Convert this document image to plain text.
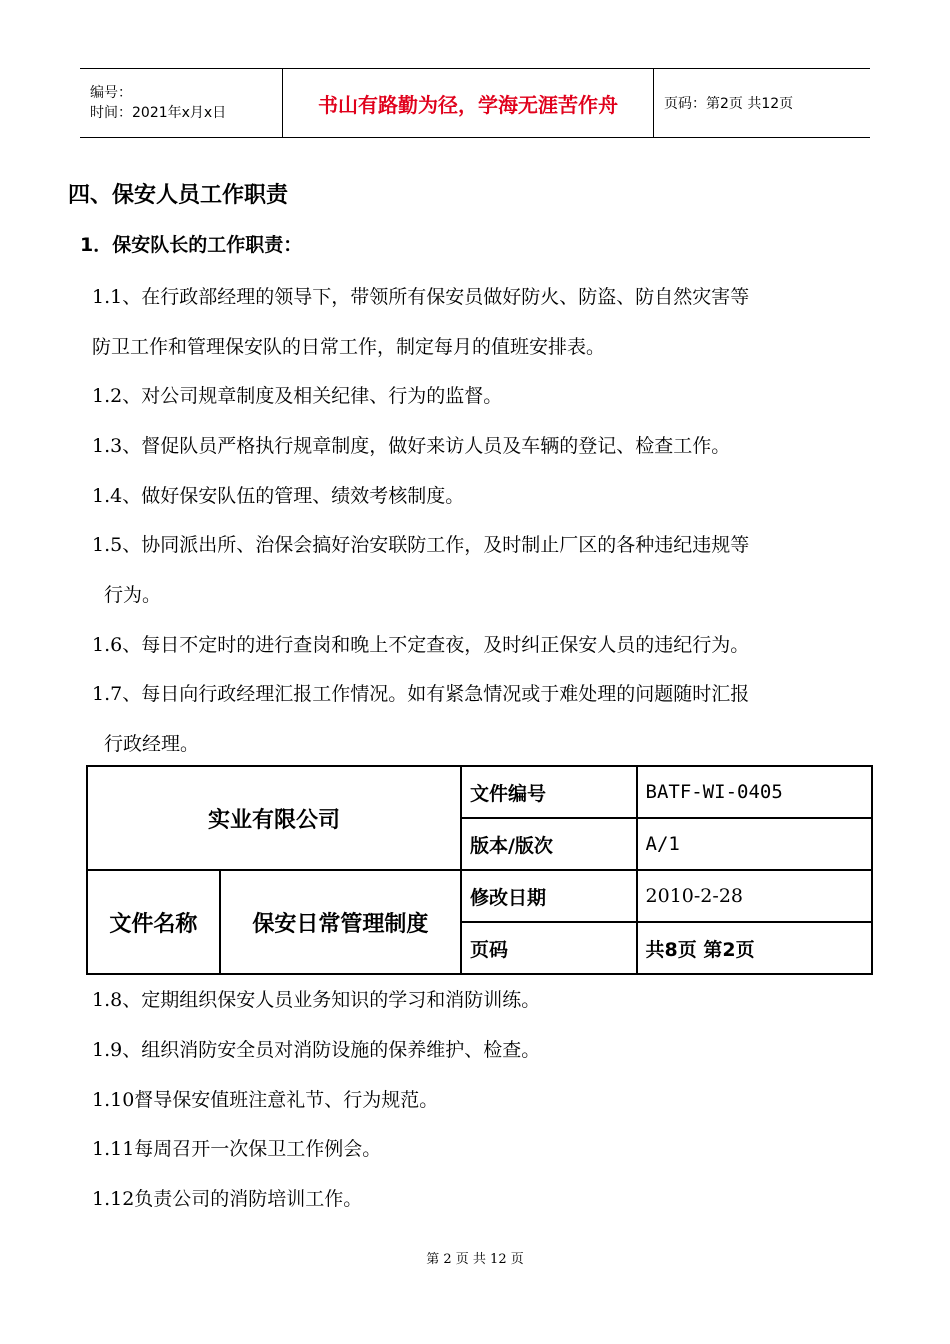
编号：
时间：2021年x月x日	书山有路勤为径，学海无涯苦作舟	页码：第2页 共12页
四、保安人员工作职责
1．保安队长的工作职责：
1.1、在行政部经理的领导下，带领所有保安员做好防火、防盗、防自然灾害等
防卫工作和管理保安队的日常工作，制定每月的值班安排表。
1.2、对公司规章制度及相关纪律、行为的监督。
1.3、督促队员严格执行规章制度，做好来访人员及车辆的登记、检查工作。
1.4、做好保安队伍的管理、绩效考核制度。
1.5、协同派出所、治保会搞好治安联防工作，及时制止厂区的各种违纪违规等
行为。
1.6、每日不定时的进行查岗和晚上不定查夜，及时纠正保安人员的违纪行为。
1.7、每日向行政经理汇报工作情况。如有紧急情况或于难处理的问题随时汇报
行政经理。
实业有限公司		文件编号	BATF-WI-0405
		版本/版次	A/1
文件名称	保安日常管理制度	修改日期	2010-2-28
		页码	共8页 第2页
1.8、定期组织保安人员业务知识的学习和消防训练。
1.9、组织消防安全员对消防设施的保养维护、检查。
1.10督导保安值班注意礼节、行为规范。
1.11每周召开一次保卫工作例会。
1.12负责公司的消防培训工作。
第 2 页 共 12 页
